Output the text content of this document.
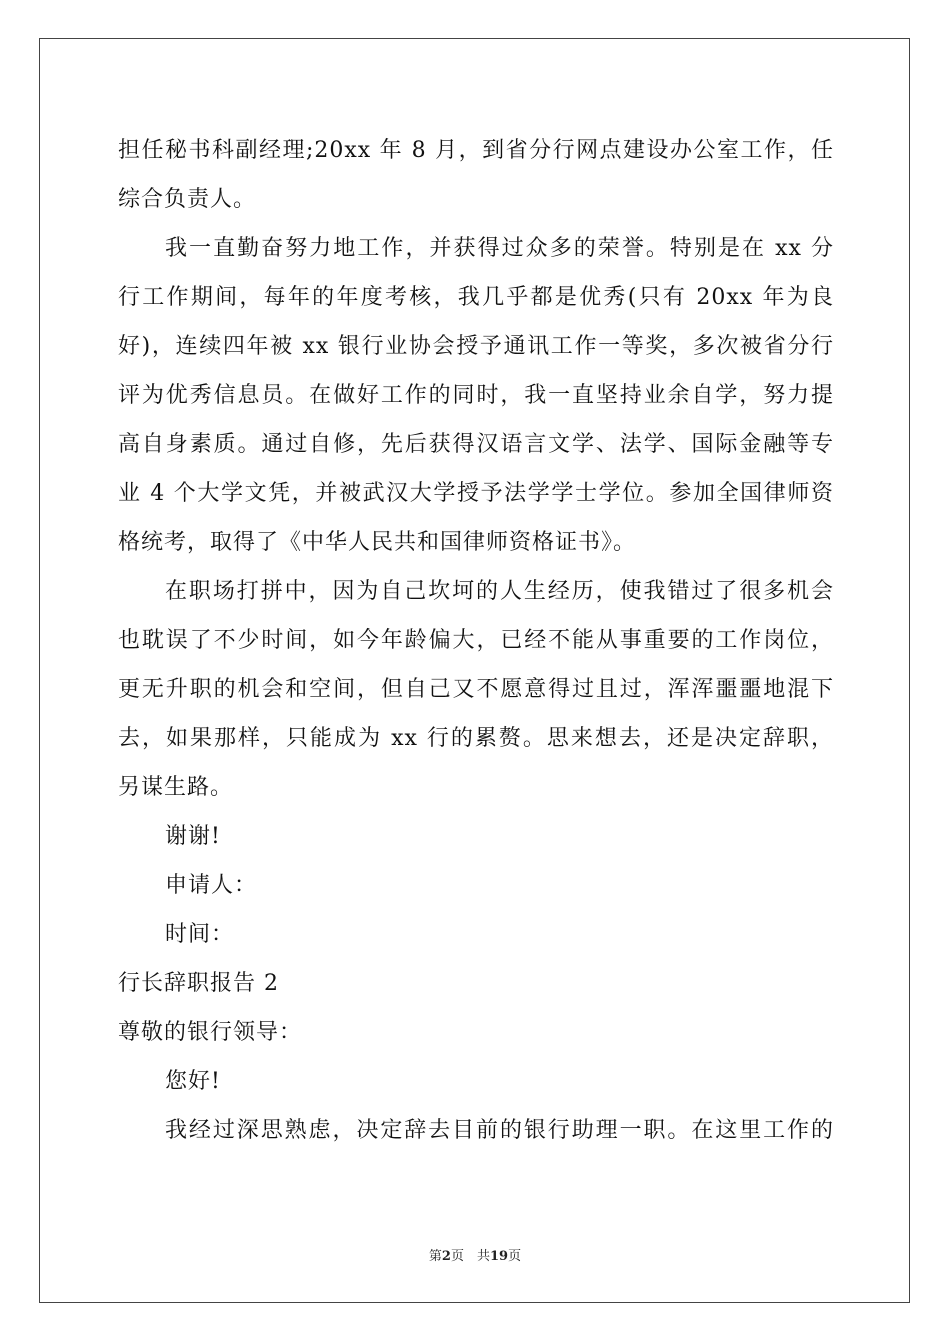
担任秘书科副经理;20xx 年 8 月，到省分行网点建设办公室工作，任
综合负责人。
我一直勤奋努力地工作，并获得过众多的荣誉。特别是在 xx 分
行工作期间，每年的年度考核，我几乎都是优秀(只有 20xx 年为良
好)，连续四年被 xx 银行业协会授予通讯工作一等奖，多次被省分行
评为优秀信息员。在做好工作的同时，我一直坚持业余自学，努力提
高自身素质。通过自修，先后获得汉语言文学、法学、国际金融等专
业 4 个大学文凭，并被武汉大学授予法学学士学位。参加全国律师资
格统考，取得了《中华人民共和国律师资格证书》。
在职场打拼中，因为自己坎坷的人生经历，使我错过了很多机会
也耽误了不少时间，如今年龄偏大，已经不能从事重要的工作岗位，
更无升职的机会和空间，但自己又不愿意得过且过，浑浑噩噩地混下
去，如果那样，只能成为 xx 行的累赘。思来想去，还是决定辞职，
另谋生路。
谢谢!
申请人：
时间：
行长辞职报告 2
尊敬的银行领导：
您好!
我经过深思熟虑，决定辞去目前的银行助理一职。在这里工作的
第2页　共19页
